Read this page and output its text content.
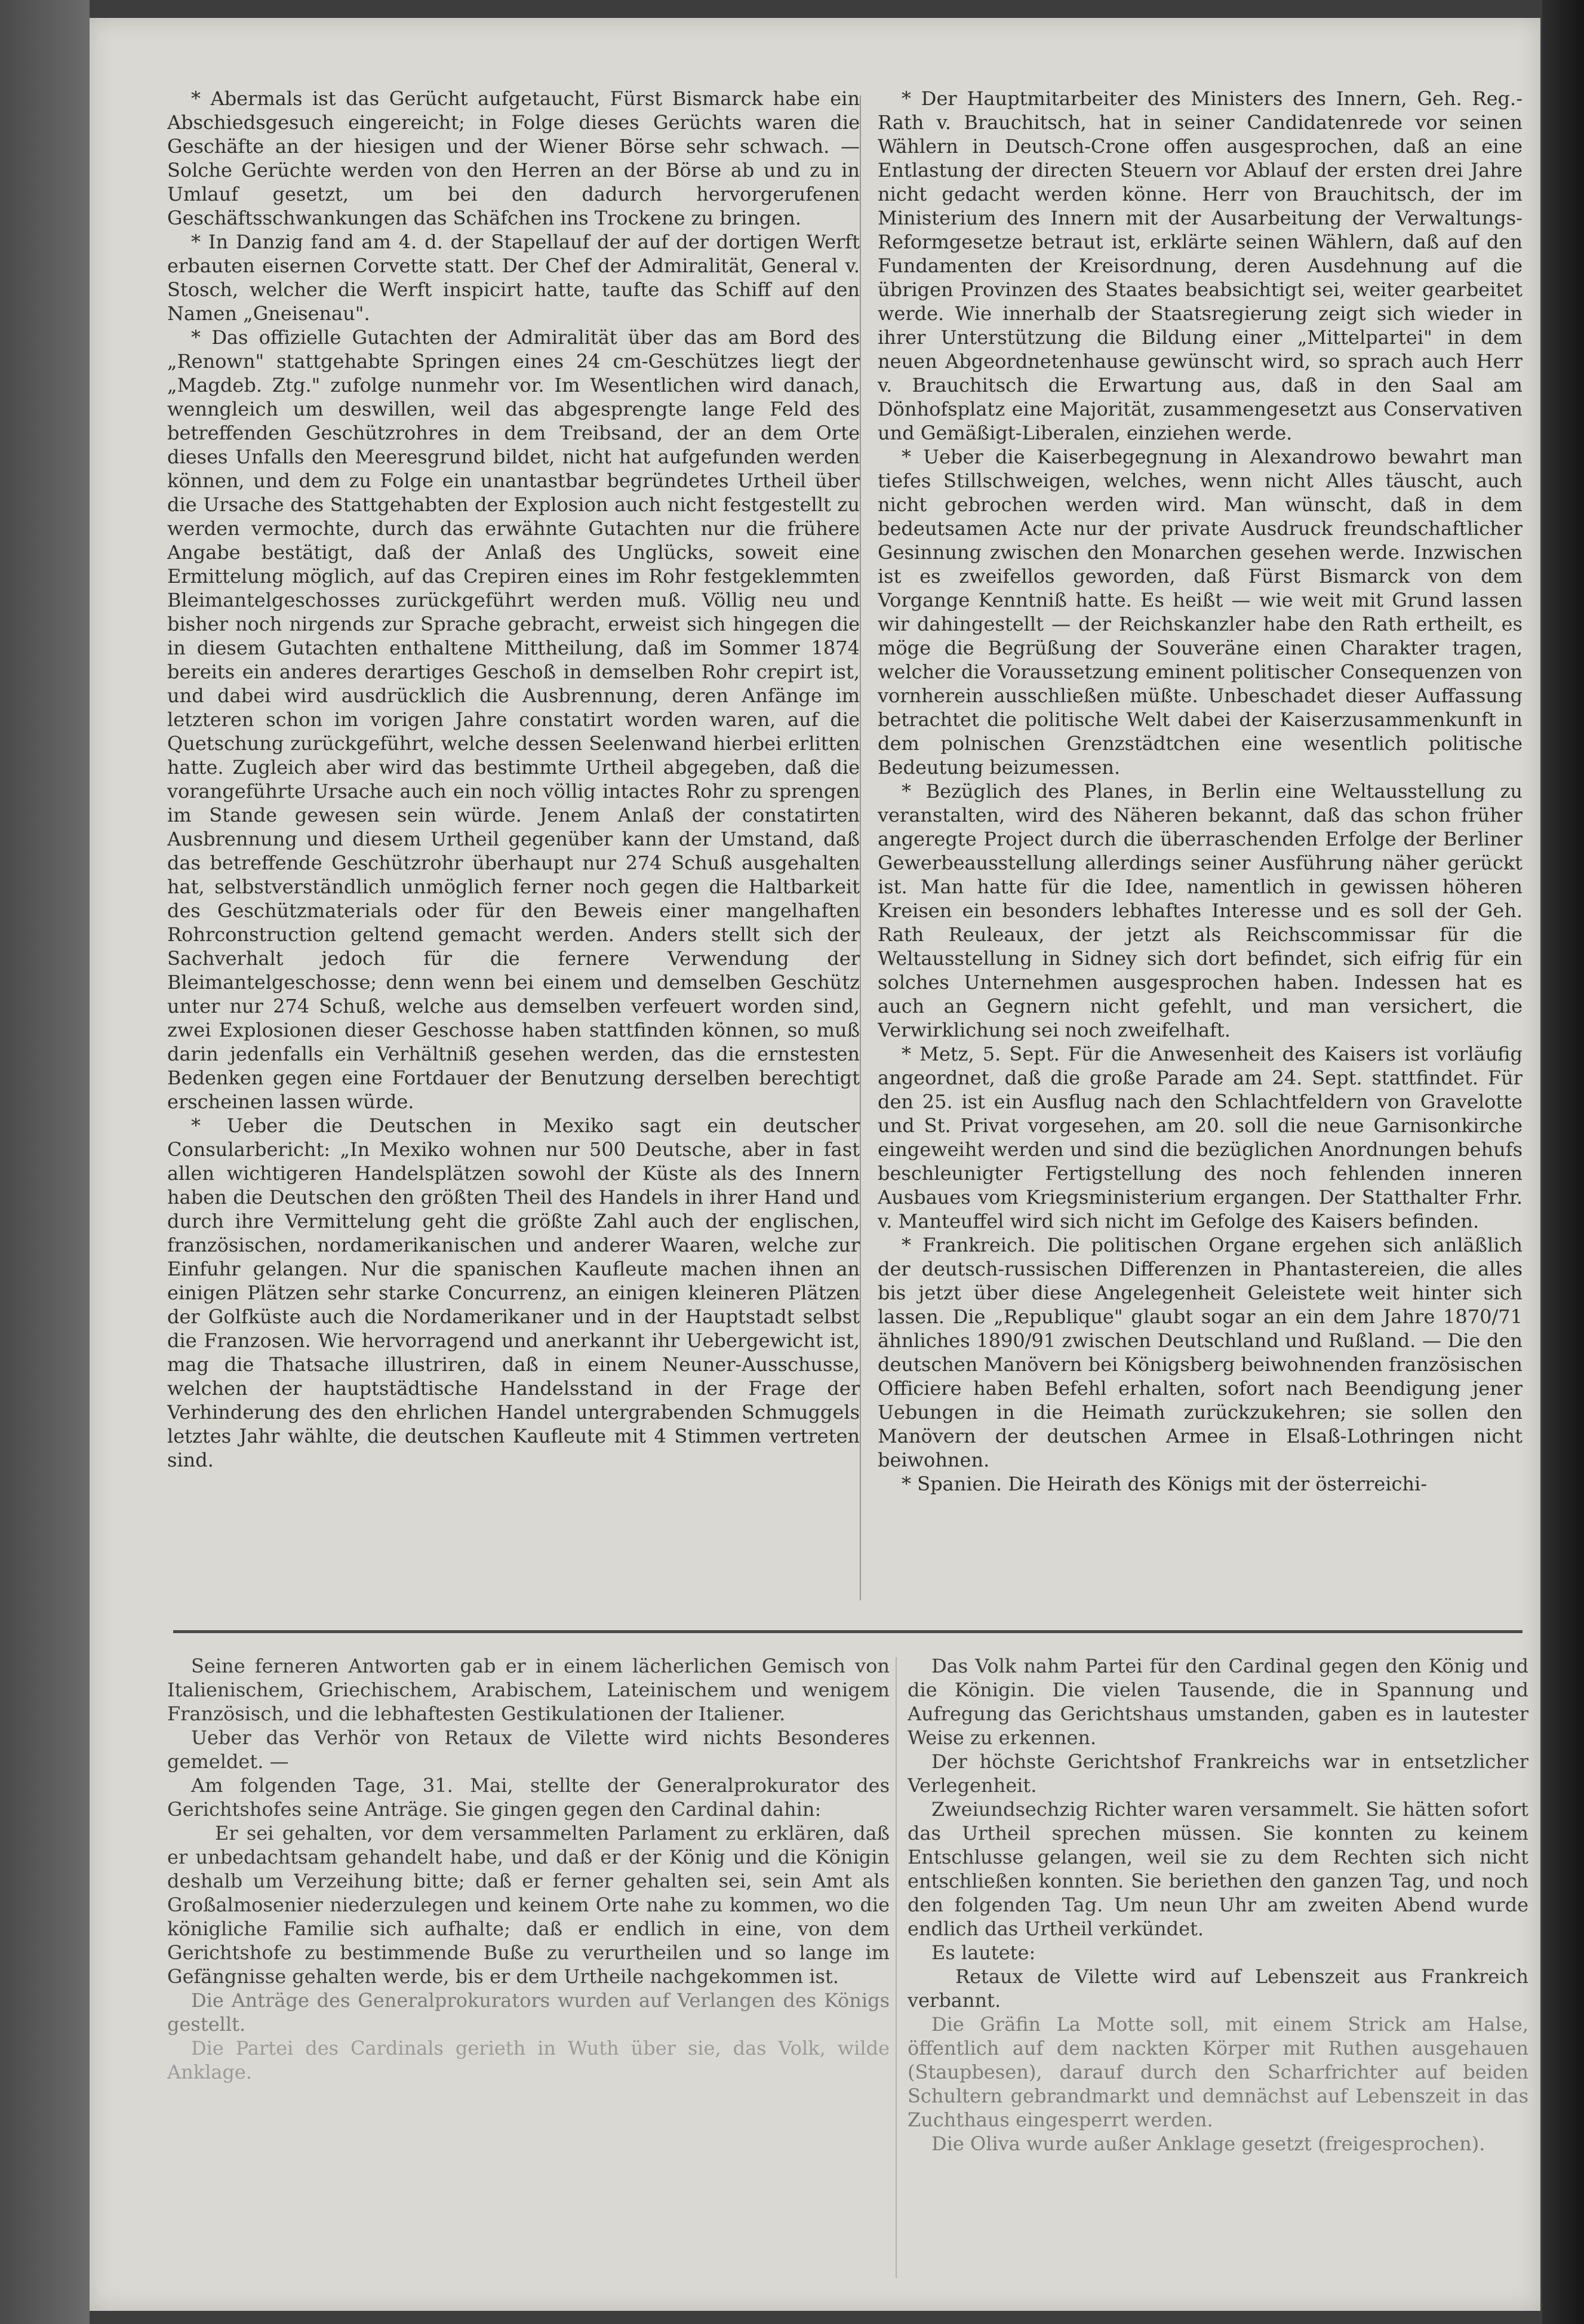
* Abermals ist das Gerücht aufgetaucht, Fürst Bismarck habe ein Abschiedsgesuch eingereicht; in Folge dieses Gerüchts waren die Geschäfte an der hiesigen und der Wiener Börse sehr schwach. — Solche Gerüchte werden von den Herren an der Börse ab und zu in Umlauf gesetzt, um bei den dadurch hervorgerufenen Geschäftsschwankungen das Schäfchen ins Trockene zu bringen.

* In Danzig fand am 4. d. der Stapellauf der auf der dortigen Werft erbauten eisernen Corvette statt. Der Chef der Admiralität, General v. Stosch, welcher die Werft inspicirt hatte, taufte das Schiff auf den Namen „Gneisenau".

* Das offizielle Gutachten der Admiralität über das am Bord des „Renown" stattgehabte Springen eines 24 cm-Geschützes liegt der „Magdeb. Ztg." zufolge nunmehr vor. Im Wesentlichen wird danach, wenngleich um deswillen, weil das abgesprengte lange Feld des betreffenden Geschützrohres in dem Treibsand, der an dem Orte dieses Unfalls den Meeresgrund bildet, nicht hat aufgefunden werden können, und dem zu Folge ein unantastbar begründetes Urtheil über die Ursache des Stattgehabten der Explosion auch nicht festgestellt zu werden vermochte, durch das erwähnte Gutachten nur die frühere Angabe bestätigt, daß der Anlaß des Unglücks, soweit eine Ermittelung möglich, auf das Crepiren eines im Rohr festgeklemmten Bleimantelgeschosses zurückgeführt werden muß. Völlig neu und bisher noch nirgends zur Sprache gebracht, erweist sich hingegen die in diesem Gutachten enthaltene Mittheilung, daß im Sommer 1874 bereits ein anderes derartiges Geschoß in demselben Rohr crepirt ist, und dabei wird ausdrücklich die Ausbrennung, deren Anfänge im letzteren schon im vorigen Jahre constatirt worden waren, auf die Quetschung zurückgeführt, welche dessen Seelenwand hierbei erlitten hatte. Zugleich aber wird das bestimmte Urtheil abgegeben, daß die vorangeführte Ursache auch ein noch völlig intactes Rohr zu sprengen im Stande gewesen sein würde. Jenem Anlaß der constatirten Ausbrennung und diesem Urtheil gegenüber kann der Umstand, daß das betreffende Geschützrohr überhaupt nur 274 Schuß ausgehalten hat, selbstverständlich unmöglich ferner noch gegen die Haltbarkeit des Geschützmaterials oder für den Beweis einer mangelhaften Rohrconstruction geltend gemacht werden. Anders stellt sich der Sachverhalt jedoch für die fernere Verwendung der Bleimantelgeschosse; denn wenn bei einem und demselben Geschütz unter nur 274 Schuß, welche aus demselben verfeuert worden sind, zwei Explosionen dieser Geschosse haben stattfinden können, so muß darin jedenfalls ein Verhältniß gesehen werden, das die ernstesten Bedenken gegen eine Fortdauer der Benutzung derselben berechtigt erscheinen lassen würde.

* Ueber die Deutschen in Mexiko sagt ein deutscher Consularbericht: „In Mexiko wohnen nur 500 Deutsche, aber in fast allen wichtigeren Handelsplätzen sowohl der Küste als des Innern haben die Deutschen den größten Theil des Handels in ihrer Hand und durch ihre Vermittelung geht die größte Zahl auch der englischen, französischen, nordamerikanischen und anderer Waaren, welche zur Einfuhr gelangen. Nur die spanischen Kaufleute machen ihnen an einigen Plätzen sehr starke Concurrenz, an einigen kleineren Plätzen der Golfküste auch die Nordamerikaner und in der Hauptstadt selbst die Franzosen. Wie hervorragend und anerkannt ihr Uebergewicht ist, mag die Thatsache illustriren, daß in einem Neuner-Ausschusse, welchen der hauptstädtische Handelsstand in der Frage der Verhinderung des den ehrlichen Handel untergrabenden Schmuggels letztes Jahr wählte, die deutschen Kaufleute mit 4 Stimmen vertreten sind.

* Der Hauptmitarbeiter des Ministers des Innern, Geh. Reg.-Rath v. Brauchitsch, hat in seiner Candidatenrede vor seinen Wählern in Deutsch-Crone offen ausgesprochen, daß an eine Entlastung der directen Steuern vor Ablauf der ersten drei Jahre nicht gedacht werden könne. Herr von Brauchitsch, der im Ministerium des Innern mit der Ausarbeitung der Verwaltungs-Reformgesetze betraut ist, erklärte seinen Wählern, daß auf den Fundamenten der Kreisordnung, deren Ausdehnung auf die übrigen Provinzen des Staates beabsichtigt sei, weiter gearbeitet werde. Wie innerhalb der Staatsregierung zeigt sich wieder in ihrer Unterstützung die Bildung einer „Mittelpartei" in dem neuen Abgeordnetenhause gewünscht wird, so sprach auch Herr v. Brauchitsch die Erwartung aus, daß in den Saal am Dönhofsplatz eine Majorität, zusammengesetzt aus Conservativen und Gemäßigt-Liberalen, einziehen werde.

* Ueber die Kaiserbegegnung in Alexandrowo bewahrt man tiefes Stillschweigen, welches, wenn nicht Alles täuscht, auch nicht gebrochen werden wird. Man wünscht, daß in dem bedeutsamen Acte nur der private Ausdruck freundschaftlicher Gesinnung zwischen den Monarchen gesehen werde. Inzwischen ist es zweifellos geworden, daß Fürst Bismarck von dem Vorgange Kenntniß hatte. Es heißt — wie weit mit Grund lassen wir dahingestellt — der Reichskanzler habe den Rath ertheilt, es möge die Begrüßung der Souveräne einen Charakter tragen, welcher die Voraussetzung eminent politischer Consequenzen von vornherein ausschließen müßte. Unbeschadet dieser Auffassung betrachtet die politische Welt dabei der Kaiserzusammenkunft in dem polnischen Grenzstädtchen eine wesentlich politische Bedeutung beizumessen.

* Bezüglich des Planes, in Berlin eine Weltausstellung zu veranstalten, wird des Näheren bekannt, daß das schon früher angeregte Project durch die überraschenden Erfolge der Berliner Gewerbeausstellung allerdings seiner Ausführung näher gerückt ist. Man hatte für die Idee, namentlich in gewissen höheren Kreisen ein besonders lebhaftes Interesse und es soll der Geh. Rath Reuleaux, der jetzt als Reichscommissar für die Weltausstellung in Sidney sich dort befindet, sich eifrig für ein solches Unternehmen ausgesprochen haben. Indessen hat es auch an Gegnern nicht gefehlt, und man versichert, die Verwirklichung sei noch zweifelhaft.

* Metz, 5. Sept. Für die Anwesenheit des Kaisers ist vorläufig angeordnet, daß die große Parade am 24. Sept. stattfindet. Für den 25. ist ein Ausflug nach den Schlachtfeldern von Gravelotte und St. Privat vorgesehen, am 20. soll die neue Garnisonkirche eingeweiht werden und sind die bezüglichen Anordnungen behufs beschleunigter Fertigstellung des noch fehlenden inneren Ausbaues vom Kriegsministerium ergangen. Der Statthalter Frhr. v. Manteuffel wird sich nicht im Gefolge des Kaisers befinden.

* Frankreich. Die politischen Organe ergehen sich anläßlich der deutsch-russischen Differenzen in Phantastereien, die alles bis jetzt über diese Angelegenheit Geleistete weit hinter sich lassen. Die „Republique" glaubt sogar an ein dem Jahre 1870/71 ähnliches 1890/91 zwischen Deutschland und Rußland. — Die den deutschen Manövern bei Königsberg beiwohnenden französischen Officiere haben Befehl erhalten, sofort nach Beendigung jener Uebungen in die Heimath zurückzukehren; sie sollen den Manövern der deutschen Armee in Elsaß-Lothringen nicht beiwohnen.

* Spanien. Die Heirath des Königs mit der österreichi-

Seine ferneren Antworten gab er in einem lächerlichen Gemisch von Italienischem, Griechischem, Arabischem, Lateinischem und wenigem Französisch, und die lebhaftesten Gestikulationen der Italiener.

Ueber das Verhör von Retaux de Vilette wird nichts Besonderes gemeldet. —

Am folgenden Tage, 31. Mai, stellte der Generalprokurator des Gerichtshofes seine Anträge. Sie gingen gegen den Cardinal dahin:

Er sei gehalten, vor dem versammelten Parlament zu erklären, daß er unbedachtsam gehandelt habe, und daß er der König und die Königin deshalb um Verzeihung bitte; daß er ferner gehalten sei, sein Amt als Großalmosenier niederzulegen und keinem Orte nahe zu kommen, wo die königliche Familie sich aufhalte; daß er endlich in eine, von dem Gerichtshofe zu bestimmende Buße zu verurtheilen und so lange im Gefängnisse gehalten werde, bis er dem Urtheile nachgekommen ist.

Die Anträge des Generalprokurators wurden auf Verlangen des Königs gestellt.

Die Partei des Cardinals gerieth in Wuth über sie, das Volk, wilde Anklage.

Das Volk nahm Partei für den Cardinal gegen den König und die Königin. Die vielen Tausende, die in Spannung und Aufregung das Gerichtshaus umstanden, gaben es in lautester Weise zu erkennen.

Der höchste Gerichtshof Frankreichs war in entsetzlicher Verlegenheit.

Zweiundsechzig Richter waren versammelt. Sie hätten sofort das Urtheil sprechen müssen. Sie konnten zu keinem Entschlusse gelangen, weil sie zu dem Rechten sich nicht entschließen konnten. Sie beriethen den ganzen Tag, und noch den folgenden Tag. Um neun Uhr am zweiten Abend wurde endlich das Urtheil verkündet.

Es lautete:

Retaux de Vilette wird auf Lebenszeit aus Frankreich verbannt.

Die Gräfin La Motte soll, mit einem Strick am Halse, öffentlich auf dem nackten Körper mit Ruthen ausgehauen (Staupbesen), darauf durch den Scharfrichter auf beiden Schultern gebrandmarkt und demnächst auf Lebenszeit in das Zuchthaus eingesperrt werden.

Die Oliva wurde außer Anklage gesetzt (freigesprochen).
